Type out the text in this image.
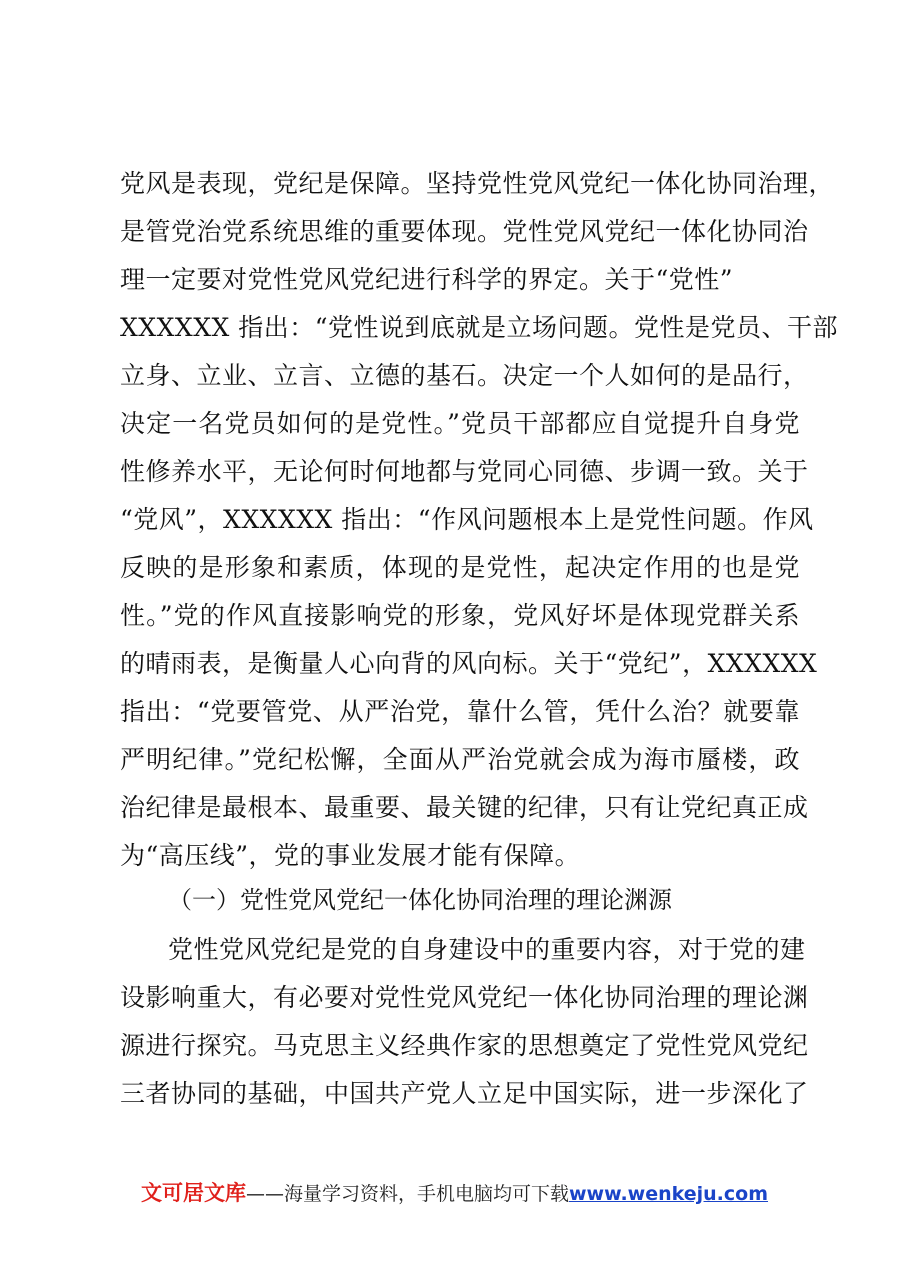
党风是表现，党纪是保障。坚持党性党风党纪一体化协同治理，
是管党治党系统思维的重要体现。党性党风党纪一体化协同治
理一定要对党性党风党纪进行科学的界定。关于“党性”
XXXXXX 指出：“党性说到底就是立场问题。党性是党员、干部
立身、立业、立言、立德的基石。决定一个人如何的是品行，
决定一名党员如何的是党性。”党员干部都应自觉提升自身党
性修养水平，无论何时何地都与党同心同德、步调一致。关于
“党风”，XXXXXX 指出：“作风问题根本上是党性问题。作风
反映的是形象和素质，体现的是党性，起决定作用的也是党
性。”党的作风直接影响党的形象，党风好坏是体现党群关系
的晴雨表，是衡量人心向背的风向标。关于“党纪”，XXXXXX
指出：“党要管党、从严治党，靠什么管，凭什么治？就要靠
严明纪律。”党纪松懈，全面从严治党就会成为海市蜃楼，政
治纪律是最根本、最重要、最关键的纪律，只有让党纪真正成
为“高压线”，党的事业发展才能有保障。
（一）党性党风党纪一体化协同治理的理论渊源
党性党风党纪是党的自身建设中的重要内容，对于党的建
设影响重大，有必要对党性党风党纪一体化协同治理的理论渊
源进行探究。马克思主义经典作家的思想奠定了党性党风党纪
三者协同的基础，中国共产党人立足中国实际，进一步深化了
文可居文库——海量学习资料，手机电脑均可下载www.wenkeju.com
